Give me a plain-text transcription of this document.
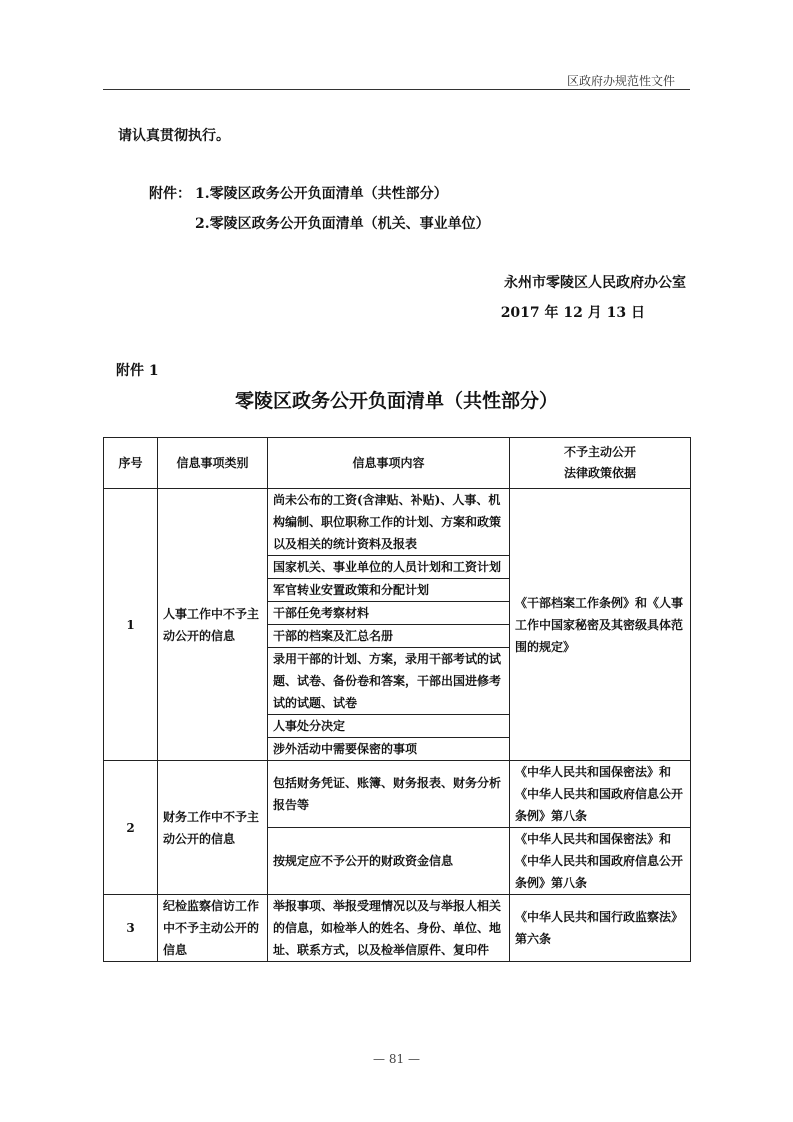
区政府办规范性文件
请认真贯彻执行。
附件： 1.零陵区政务公开负面清单（共性部分）
2.零陵区政务公开负面清单（机关、事业单位）
永州市零陵区人民政府办公室
2017 年 12 月 13 日
附件 1
零陵区政务公开负面清单（共性部分）
序号	信息事项类别	信息事项内容	不予主动公开
法律政策依据
1	人事工作中不予主动公开的信息	尚未公布的工资(含津贴、补贴)、人事、机构编制、职位职称工作的计划、方案和政策以及相关的统计资料及报表	《干部档案工作条例》和《人事工作中国家秘密及其密级具体范围的规定》
		国家机关、事业单位的人员计划和工资计划	
		军官转业安置政策和分配计划	
		干部任免考察材料	
		干部的档案及汇总名册	
		录用干部的计划、方案，录用干部考试的试题、试卷、备份卷和答案，干部出国进修考试的试题、试卷	
		人事处分决定	
		涉外活动中需要保密的事项	
2	财务工作中不予主动公开的信息	包括财务凭证、账簿、财务报表、财务分析报告等	《中华人民共和国保密法》和《中华人民共和国政府信息公开条例》第八条
		按规定应不予公开的财政资金信息	《中华人民共和国保密法》和《中华人民共和国政府信息公开条例》第八条
3	纪检监察信访工作中不予主动公开的信息	举报事项、举报受理情况以及与举报人相关的信息，如检举人的姓名、身份、单位、地址、联系方式，以及检举信原件、复印件	《中华人民共和国行政监察法》第六条
— 81 —
